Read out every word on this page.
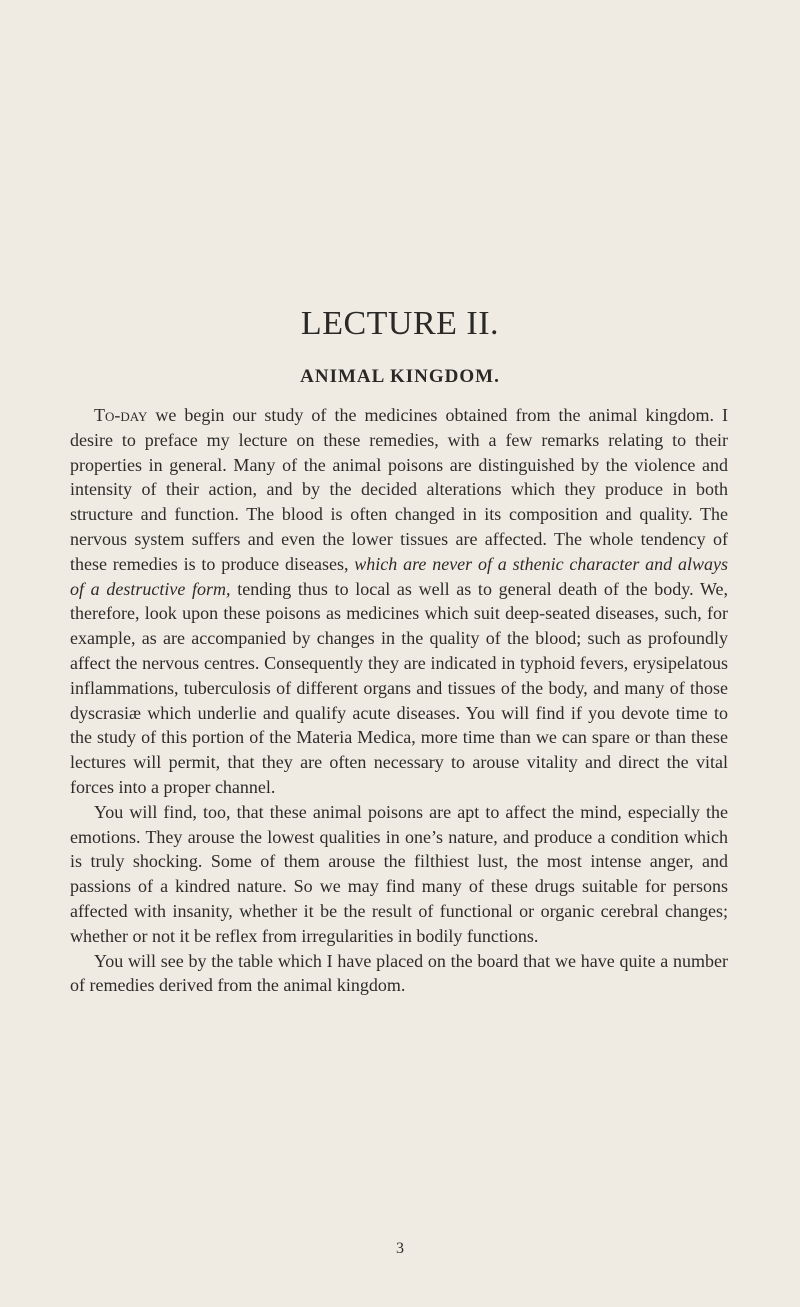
LECTURE II.
ANIMAL KINGDOM.

To-day we begin our study of the medicines obtained from the animal kingdom. I desire to preface my lecture on these remedies, with a few remarks relating to their properties in general. Many of the animal poisons are distinguished by the violence and intensity of their action, and by the decided alterations which they produce in both structure and function. The blood is often changed in its composition and quality. The nervous system suffers and even the lower tissues are affected. The whole tendency of these remedies is to produce diseases, which are never of a sthenic character and always of a destructive form, tending thus to local as well as to general death of the body. We, therefore, look upon these poisons as medicines which suit deep-seated diseases, such, for example, as are accompanied by changes in the quality of the blood; such as profoundly affect the nervous centres. Consequently they are indicated in typhoid fevers, erysipelatous inflammations, tuberculosis of different organs and tissues of the body, and many of those dyscrasiæ which underlie and qualify acute diseases. You will find if you devote time to the study of this portion of the Materia Medica, more time than we can spare or than these lectures will permit, that they are often necessary to arouse vitality and direct the vital forces into a proper channel.

You will find, too, that these animal poisons are apt to affect the mind, especially the emotions. They arouse the lowest qualities in one’s nature, and produce a condition which is truly shocking. Some of them arouse the filthiest lust, the most intense anger, and passions of a kindred nature. So we may find many of these drugs suitable for persons affected with insanity, whether it be the result of functional or organic cerebral changes; whether or not it be reflex from irregularities in bodily functions.

You will see by the table which I have placed on the board that we have quite a number of remedies derived from the animal kingdom.

3
